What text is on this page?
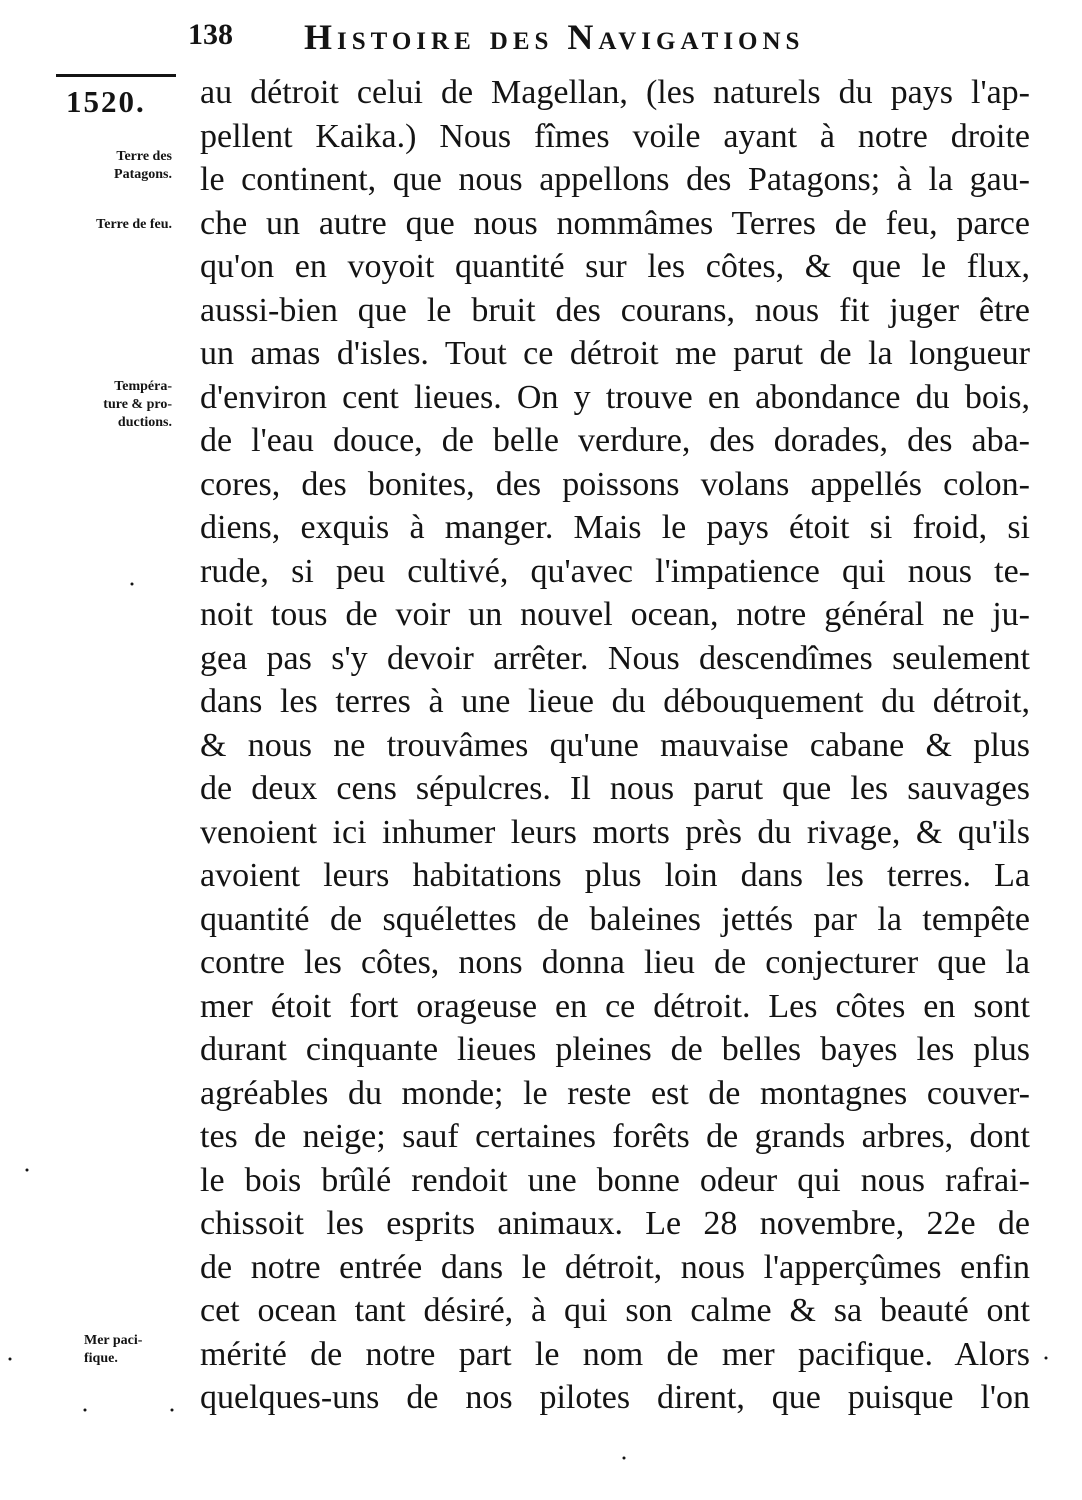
138 Histoire des Navigations
1520.
Terre des
Patagons.
Terre de feu.
Tempéra-
ture & pro-
ductions.
Mer paci-
fique.
au détroit celui de Magellan, (les naturels du pays l'ap-
pellent Kaika.) Nous fîmes voile ayant à notre droite
le continent, que nous appellons des Patagons; à la gau-
che un autre que nous nommâmes Terres de feu, parce
qu'on en voyoit quantité sur les côtes, & que le flux,
aussi-bien que le bruit des courans, nous fit juger être
un amas d'isles. Tout ce détroit me parut de la longueur
d'environ cent lieues. On y trouve en abondance du bois,
de l'eau douce, de belle verdure, des dorades, des aba-
cores, des bonites, des poissons volans appellés colon-
diens, exquis à manger. Mais le pays étoit si froid, si
rude, si peu cultivé, qu'avec l'impatience qui nous te-
noit tous de voir un nouvel ocean, notre général ne ju-
gea pas s'y devoir arrêter. Nous descendîmes seulement
dans les terres à une lieue du débouquement du détroit,
& nous ne trouvâmes qu'une mauvaise cabane & plus
de deux cens sépulcres. Il nous parut que les sauvages
venoient ici inhumer leurs morts près du rivage, & qu'ils
avoient leurs habitations plus loin dans les terres. La
quantité de squélettes de baleines jettés par la tempête
contre les côtes, nons donna lieu de conjecturer que la
mer étoit fort orageuse en ce détroit. Les côtes en sont
durant cinquante lieues pleines de belles bayes les plus
agréables du monde; le reste est de montagnes couver-
tes de neige; sauf certaines forêts de grands arbres, dont
le bois brûlé rendoit une bonne odeur qui nous rafrai-
chissoit les esprits animaux. Le 28 novembre, 22e de
de notre entrée dans le détroit, nous l'apperçûmes enfin
cet ocean tant désiré, à qui son calme & sa beauté ont
mérité de notre part le nom de mer pacifique. Alors
quelques-uns de nos pilotes dirent, que puisque l'on
